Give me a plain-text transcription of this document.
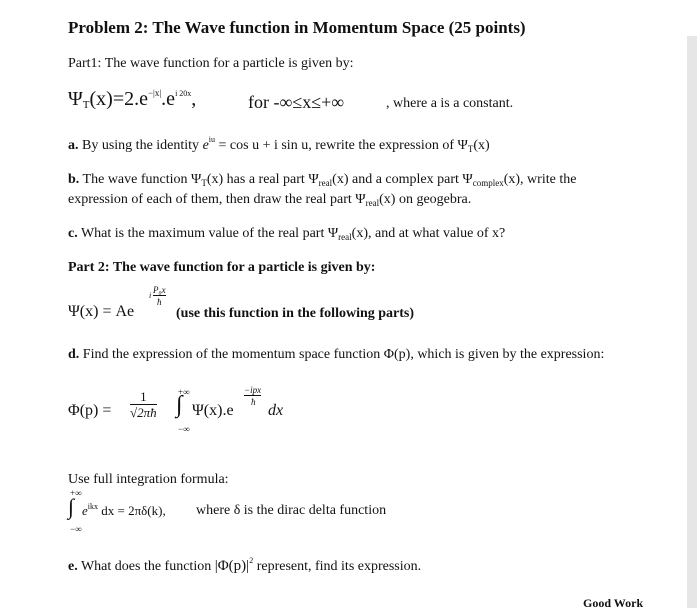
Problem 2: The Wave function in Momentum Space (25 points)
Part1: The wave function for a particle is given by:
$\Psi_T(x)=2.e^{-|x|}.e^{i 20x}$,	for -∞≤x≤+∞	, where a is a constant.
a. By using the identity $e^{iu} = \cos u + i$ sin u, rewrite the expression of $\Psi_T(x)$
b. The wave function $\Psi_T(x)$ has a real part $\Psi_{real}(x)$ and a complex part $\Psi_{complex}(x)$, write the
expression of each of them, then draw the real part $\Psi_{real}(x)$ on geogebra.
c. What is the maximum value of the real part $\Psi_{real}(x)$, and at what value of x?
Part 2: The wave function for a particle is given by:
Ψ(x) = Ae
i
P₀x
ħ
(use this function in the following parts)
d. Find the expression of the momentum space function Φ(p), which is given by the expression:
$\Phi(p) = \frac{1}{√2\pi ħ}$ +∞
∫
−∞
Ψ(x).e
−ipx
ħ dx
Use full integration formula:
+∞
∫
−∞
$e^{ikx}$ dx = 2πδ(k), where δ is the dirac delta function
e. What does the function $|\Phi(p)|^2$ represent, find its expression.
Good Work
